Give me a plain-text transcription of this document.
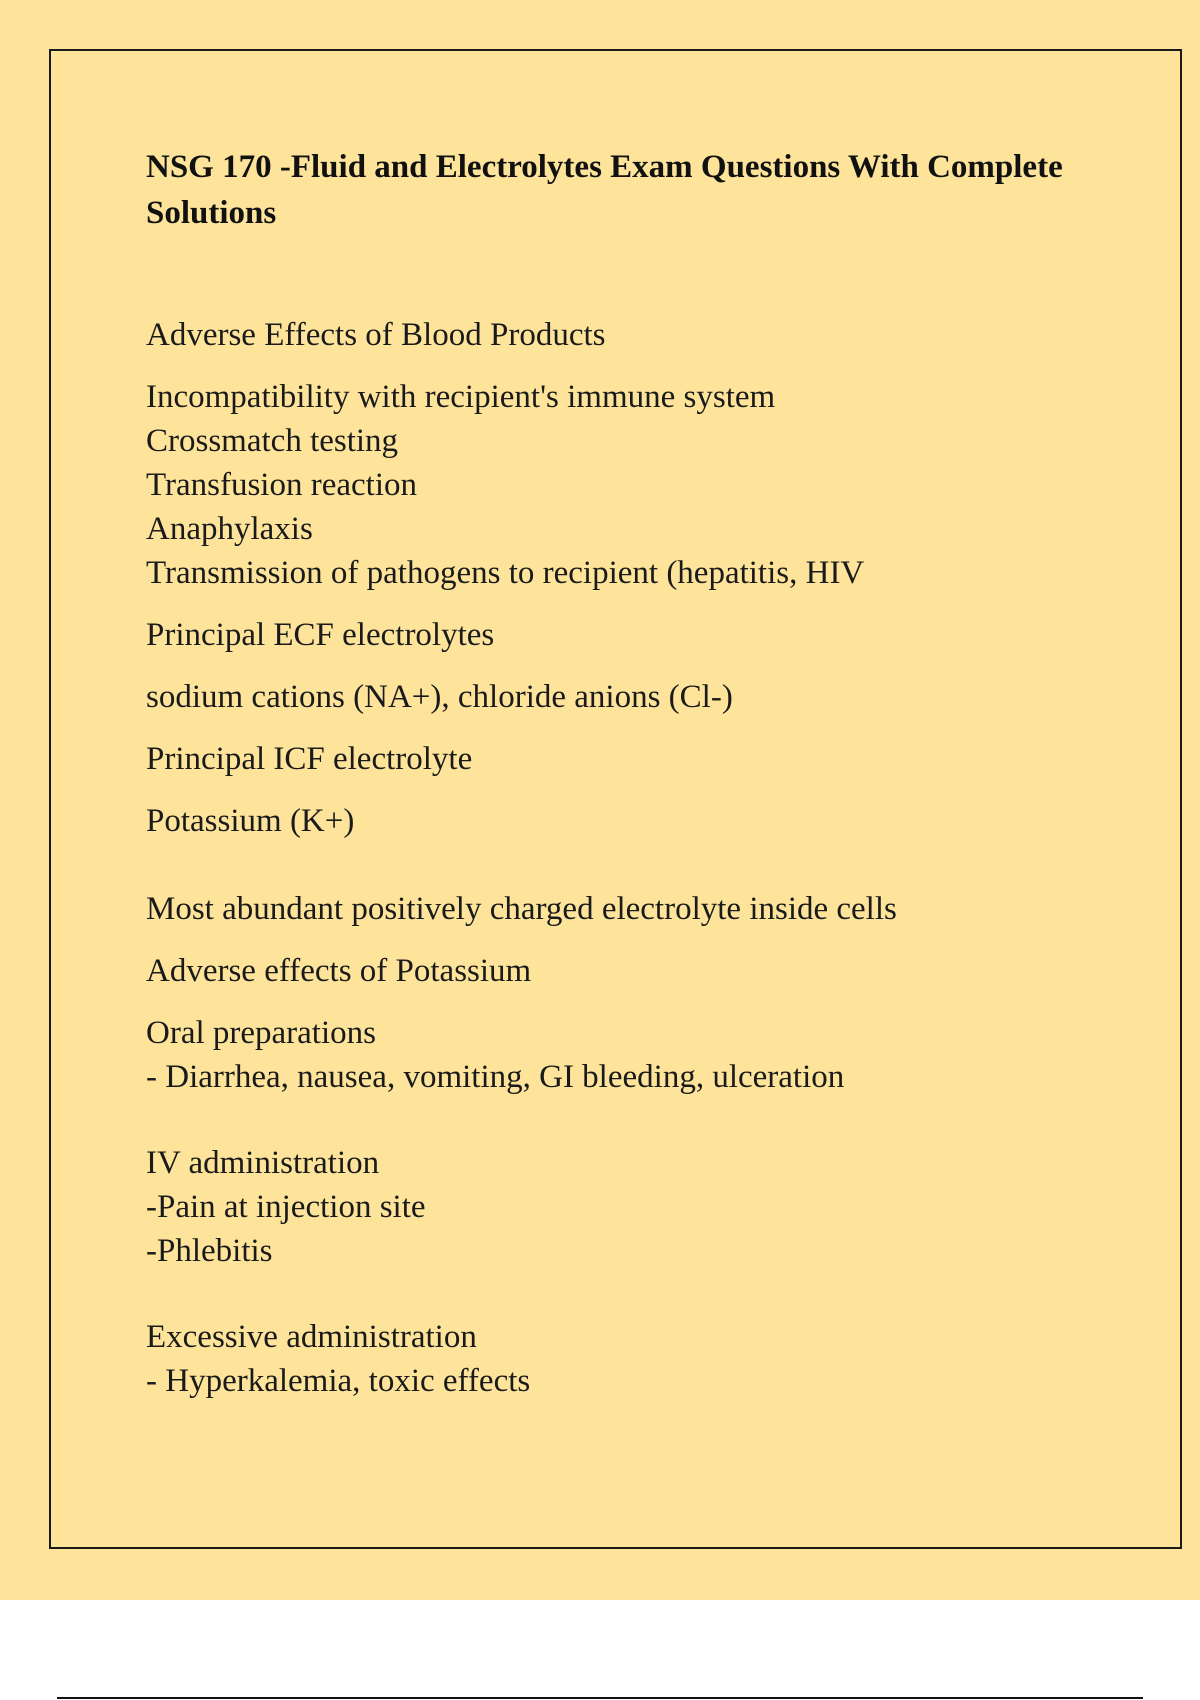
NSG 170 -Fluid and Electrolytes Exam Questions With Complete Solutions

Adverse Effects of Blood Products

Incompatibility with recipient's immune system

Crossmatch testing

Transfusion reaction

Anaphylaxis

Transmission of pathogens to recipient (hepatitis, HIV

Principal ECF electrolytes

sodium cations (NA+), chloride anions (Cl-)

Principal ICF electrolyte

Potassium (K+)

Most abundant positively charged electrolyte inside cells

Adverse effects of Potassium

Oral preparations

- Diarrhea, nausea, vomiting, GI bleeding, ulceration

IV administration

-Pain at injection site

-Phlebitis

Excessive administration

- Hyperkalemia, toxic effects
